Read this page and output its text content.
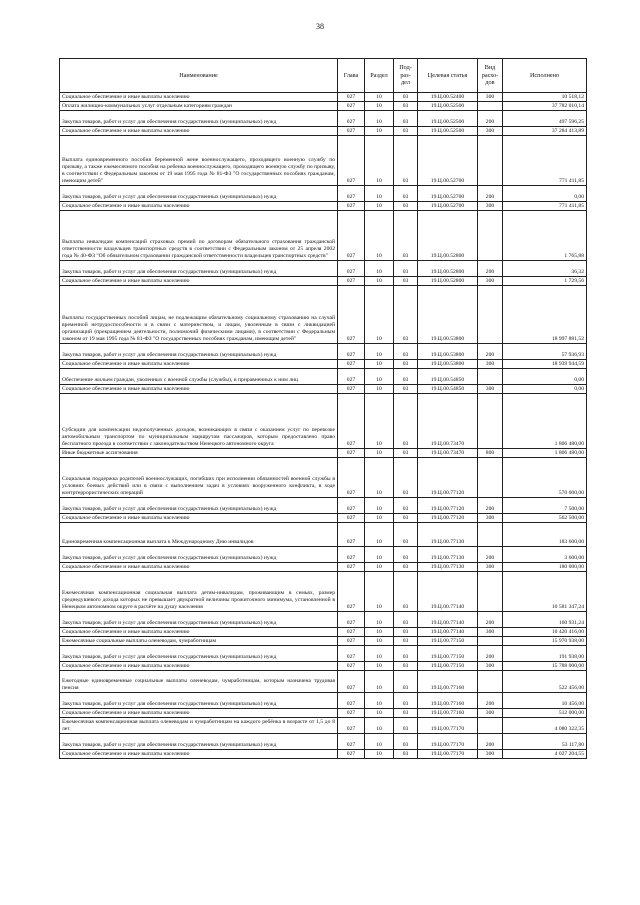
38
Наименование	Глава	Раздел	Под-раз-дел	Целевая статья	Вид расхо-дов	Исполнено
Социальное обеспечение и иные выплаты населению	027	10	03	19.Ц.00.52400	300	10 518,12
Оплата жилищно-коммунальных услуг отдельным категориям граждан	027	10	03	19.Ц.00.52500		37 782 010,14
Закупка товаров, работ и услуг для обеспечения государственных (муниципальных) нужд	027	10	03	19.Ц.00.52500	200	497 596,25
Социальное обеспечение и иные выплаты населению	027	10	03	19.Ц.00.52500	300	37 284 413,89
Выплата единовременного пособия беременной жене военнослужащего, проходящего военную службу по призыву, а также ежемесячного пособия на ребенка военнослужащего, проходящего военную службу по призыву, в соответствии с Федеральным законом от 19 мая 1995 года № 81-ФЗ "О государственных пособиях гражданам, имеющим детей"	027	10	03	19.Ц.00.52700		771 411,85
Закупка товаров, работ и услуг для обеспечения государственных (муниципальных) нужд	027	10	03	19.Ц.00.52700	200	0,00
Социальное обеспечение и иные выплаты населению	027	10	03	19.Ц.00.52700	300	771 411,85
Выплаты инвалидам компенсаций страховых премий по договорам обязательного страхования гражданской ответственности владельцев транспортных средств в соответствии с Федеральным законом от 25 апреля 2002 года № 40-ФЗ "Об обязательном страховании гражданской ответственности владельцев транспортных средств"	027	10	03	19.Ц.00.52800		1 765,88
Закупка товаров, работ и услуг для обеспечения государственных (муниципальных) нужд	027	10	03	19.Ц.00.52800	200	36,32
Социальное обеспечение и иные выплаты населению	027	10	03	19.Ц.00.52800	300	1 729,56
Выплаты государственных пособий лицам, не подлежащим обязательному социальному страхованию на случай временной нетрудоспособности и в связи с материнством, и лицам, уволенным в связи с ликвидацией организаций (прекращением деятельности, полномочий физическими лицами), в соответствии с Федеральным законом от 19 мая 1995 года № 81-ФЗ "О государственных пособиях гражданам, имеющим детей"	027	10	03	19.Ц.00.53800		18 997 881,52
Закупка товаров, работ и услуг для обеспечения государственных (муниципальных) нужд	027	10	03	19.Ц.00.53800	200	57 936,93
Социальное обеспечение и иные выплаты населению	027	10	03	19.Ц.00.53800	300	18 939 944,59
Обеспечение жильем граждан, уволенных с военной службы (службы), и приравненных к ним лиц	027	10	03	19.Ц.00.54850		0,00
Социальное обеспечение и иные выплаты населению	027	10	03	19.Ц.00.54850	300	0,00
Субсидии для компенсации недополученных доходов, возникающих в связи с оказанием услуг по перевозке автомобильным транспортом по муниципальным маршрутам пассажиров, которым предоставлено право бесплатного проезда в соответствии с законодательством Ненецкого автономного округа	027	10	03	19.Ц.00.73470		1 806 480,00
Иные бюджетные ассигнования	027	10	03	19.Ц.00.73470	800	1 806 480,00
Социальная поддержка родителей военнослужащих, погибших при исполнении обязанностей военной службы в условиях боевых действий или в связи с выполнением задач в условиях вооруженного конфликта, в ходе контртеррористических операций	027	10	03	19.Ц.00.77120		570 000,00
Закупка товаров, работ и услуг для обеспечения государственных (муниципальных) нужд	027	10	03	19.Ц.00.77120	200	7 500,00
Социальное обеспечение и иные выплаты населению	027	10	03	19.Ц.00.77120	300	562 500,00
Единовременная компенсационная выплата к Международному Дню инвалидов	027	10	03	19.Ц.00.77130		183 600,00
Закупка товаров, работ и услуг для обеспечения государственных (муниципальных) нужд	027	10	03	19.Ц.00.77130	200	3 600,00
Социальное обеспечение и иные выплаты населению	027	10	03	19.Ц.00.77130	300	180 000,00
Ежемесячная компенсационная социальная выплата детям-инвалидам, проживающим в семьях, размер среднедушевого дохода которых не превышает двукратной величины прожиточного минимума, установленной в Ненецком автономном округе в расчёте на душу населения	027	10	03	19.Ц.00.77140		10 581 347,24
Закупка товаров, работ и услуг для обеспечения государственных (муниципальных) нужд	027	10	03	19.Ц.00.77140	200	160 931,24
Социальное обеспечение и иные выплаты населению	027	10	03	19.Ц.00.77140	300	10 420 416,00
Ежемесячные социальные выплаты оленеводам, чумработницам	027	10	03	19.Ц.00.77150		15 970 938,00
Закупка товаров, работ и услуг для обеспечения государственных (муниципальных) нужд	027	10	03	19.Ц.00.77150	200	191 938,00
Социальное обеспечение и иные выплаты населению	027	10	03	19.Ц.00.77150	300	15 788 000,00
Ежегодные единовременные социальные выплаты оленеводам, чумработницам, которым назначена трудовая пенсия	027	10	03	19.Ц.00.77160		522 456,00
Закупка товаров, работ и услуг для обеспечения государственных (муниципальных) нужд	027	10	03	19.Ц.00.77160	200	10 456,00
Социальное обеспечение и иные выплаты населению	027	10	03	19.Ц.00.77160	300	512 000,00
Ежемесячная компенсационная выплата оленеводам и чумработницам на каждого ребёнка в возрасте от 1,5 до 8 лет	027	10	03	19.Ц.00.77170		4 080 322,35
Закупка товаров, работ и услуг для обеспечения государственных (муниципальных) нужд	027	10	03	19.Ц.00.77170	200	53 117,80
Социальное обеспечение и иные выплаты населению	027	10	03	19.Ц.00.77170	300	4 027 204,55
